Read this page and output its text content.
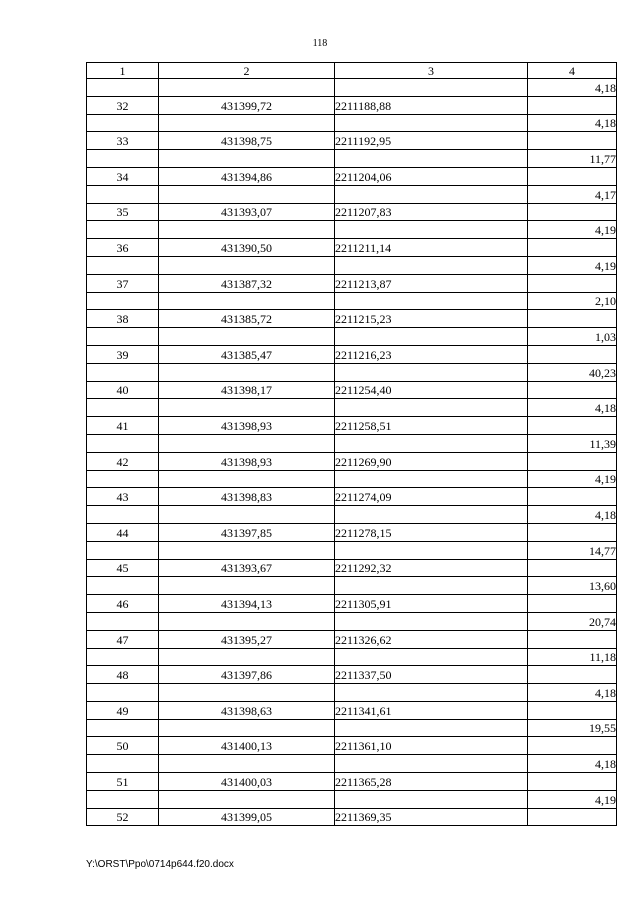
118
1	2	3	4
			4,18
32	431399,72	2211188,88	
			4,18
33	431398,75	2211192,95	
			11,77
34	431394,86	2211204,06	
			4,17
35	431393,07	2211207,83	
			4,19
36	431390,50	2211211,14	
			4,19
37	431387,32	2211213,87	
			2,10
38	431385,72	2211215,23	
			1,03
39	431385,47	2211216,23	
			40,23
40	431398,17	2211254,40	
			4,18
41	431398,93	2211258,51	
			11,39
42	431398,93	2211269,90	
			4,19
43	431398,83	2211274,09	
			4,18
44	431397,85	2211278,15	
			14,77
45	431393,67	2211292,32	
			13,60
46	431394,13	2211305,91	
			20,74
47	431395,27	2211326,62	
			11,18
48	431397,86	2211337,50	
			4,18
49	431398,63	2211341,61	
			19,55
50	431400,13	2211361,10	
			4,18
51	431400,03	2211365,28	
			4,19
52	431399,05	2211369,35	
Y:\ORST\Ppo\0714p644.f20.docx
